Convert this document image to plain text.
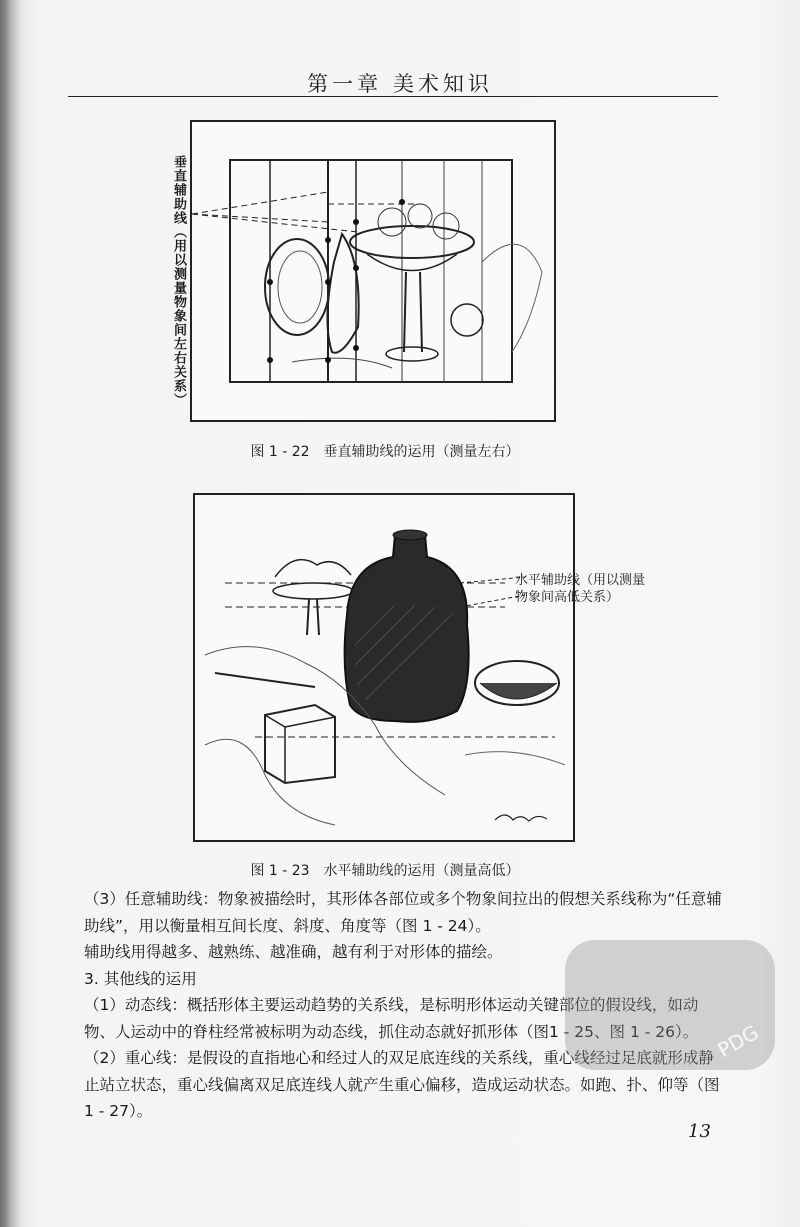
第一章 美术知识
垂直辅助线（用以测量物象间左右关系）
图 1 - 22　垂直辅助线的运用（测量左右）
水平辅助线（用以测量物象间高低关系）
图 1 - 23　水平辅助线的运用（测量高低）

（3）任意辅助线：物象被描绘时，其形体各部位或多个物象间拉出的假想关系线称为“任意辅助线”，用以衡量相互间长度、斜度、角度等（图 1 - 24）。

辅助线用得越多、越熟练、越准确，越有利于对形体的描绘。

3. 其他线的运用

（1）动态线：概括形体主要运动趋势的关系线，是标明形体运动关键部位的假设线，如动物、人运动中的脊柱经常被标明为动态线，抓住动态就好抓形体（图1 - 25、图 1 - 26）。

（2）重心线：是假设的直指地心和经过人的双足底连线的关系线，重心线经过足底就形成静止站立状态，重心线偏离双足底连线人就产生重心偏移，造成运动状态。如跑、扑、仰等（图 1 - 27）。

PDG
13
